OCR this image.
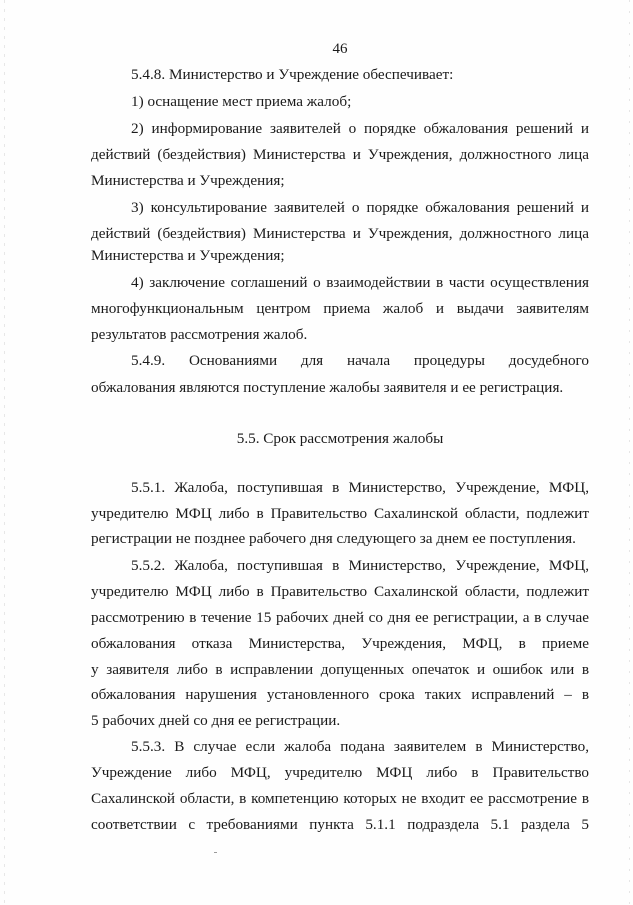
46
5.4.8. Министерство и Учреждение обеспечивает:
1) оснащение мест приема жалоб;
2) информирование заявителей о порядке обжалования решений и
действий (бездействия) Министерства и Учреждения, должностного лица
Министерства и Учреждения;
3) консультирование заявителей о порядке обжалования решений и
действий (бездействия) Министерства и Учреждения, должностного лица
Министерства и Учреждения;
4) заключение соглашений о взаимодействии в части осуществления
многофункциональным центром приема жалоб и выдачи заявителям
результатов рассмотрения жалоб.
5.4.9. Основаниями для начала процедуры досудебного
обжалования являются поступление жалобы заявителя и ее регистрация.
5.5. Срок рассмотрения жалобы
5.5.1. Жалоба, поступившая в Министерство, Учреждение, МФЦ,
учредителю МФЦ либо в Правительство Сахалинской области, подлежит
регистрации не позднее рабочего дня следующего за днем ее поступления.
5.5.2. Жалоба, поступившая в Министерство, Учреждение, МФЦ,
учредителю МФЦ либо в Правительство Сахалинской области, подлежит
рассмотрению в течение 15 рабочих дней со дня ее регистрации, а в случае
обжалования отказа Министерства, Учреждения, МФЦ, в приеме
у заявителя либо в исправлении допущенных опечаток и ошибок или в
обжалования нарушения установленного срока таких исправлений – в
5 рабочих дней со дня ее регистрации.
5.5.3. В случае если жалоба подана заявителем в Министерство,
Учреждение либо МФЦ, учредителю МФЦ либо в Правительство
Сахалинской области, в компетенцию которых не входит ее рассмотрение в
соответствии с требованиями пункта 5.1.1 подраздела 5.1 раздела 5
